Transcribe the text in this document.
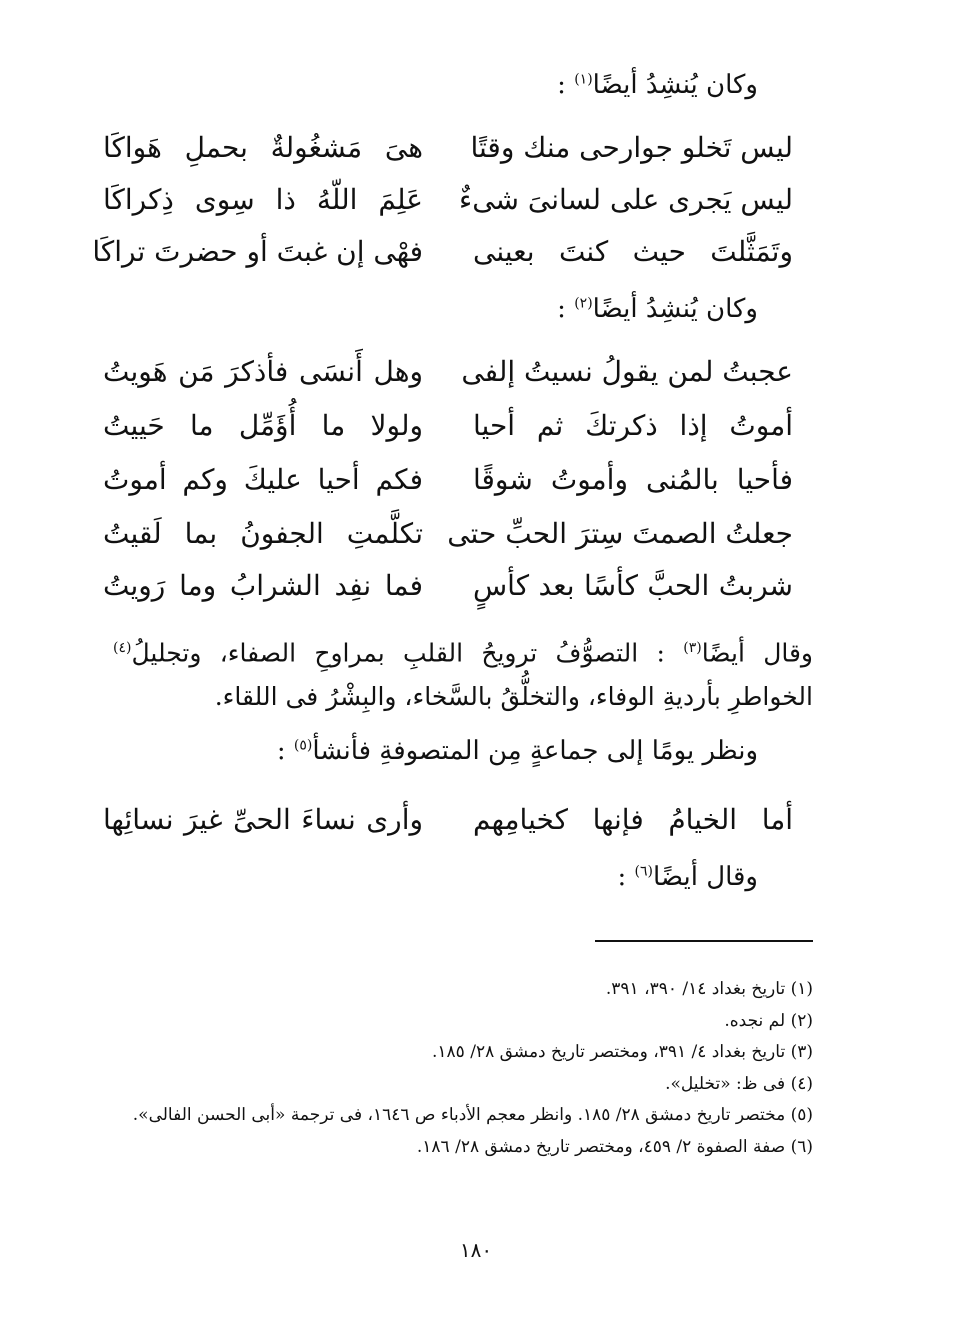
وكان يُنشِدُ أيضًا$^{(١)}$ :
ليس تَخلو جوارحى منك وقتًا
هىَ مَشغُولةٌ بحملِ هَواكَا
ليس يَجرى على لسانىَ شىءٌ
عَلِمَ اللّهُ ذا سِوى ذِكراكَا
وتَمَثَّلتَ حيث كنتَ بعينى
فهْى إن غبتَ أو حضرتَ تراكَا
وكان يُنشِدُ أيضًا$^{(٢)}$ :
عجبتُ لمن يقولُ نسيتُ إلفى
وهل أَنسَى فأذكرَ مَن هَويتُ
أموتُ إذا ذكرتكَ ثم أحيا
ولولا ما أُؤَمِّل ما حَييتُ
فأحيا بالمُنى وأموتُ شوقًا
فكم أحيا عليكَ وكم أموتُ
جعلتُ الصمتَ سِترَ الحبِّ حتى
تكلَّمتِ الجفونُ بما لَقيتُ
شربتُ الحبَّ كأسًا بعد كأسٍ
فما نفِد الشرابُ وما رَويتُ
وقال أيضًا$^{(٣)}$ : التصوُّفُ ترويحُ القلبِ بمراوحِ الصفاء، وتجليلُ$^{(٤)}$ الخواطرِ بأرديةِ الوفاء، والتخلُّقُ بالسَّخاء، والبِشْرُ فى اللقاء.
ونظر يومًا إلى جماعةٍ مِن المتصوفةِ فأنشأ$^{(٥)}$ :
أما الخيامُ فإنها كخيامِهم
وأرى نساءَ الحىِّ غيرَ نسائِها
وقال أيضًا$^{(٦)}$ :
(١) تاريخ بغداد ١٤/ ٣٩٠، ٣٩١.
(٢) لم نجده.
(٣) تاريخ بغداد ٤/ ٣٩١، ومختصر تاريخ دمشق ٢٨/ ١٨٥.
(٤) فى ظ: «تخليل».
(٥) مختصر تاريخ دمشق ٢٨/ ١٨٥. وانظر معجم الأدباء ص ١٦٤٦، فى ترجمة «أبى الحسن الفالى».
(٦) صفة الصفوة ٢/ ٤٥٩، ومختصر تاريخ دمشق ٢٨/ ١٨٦.
١٨٠
